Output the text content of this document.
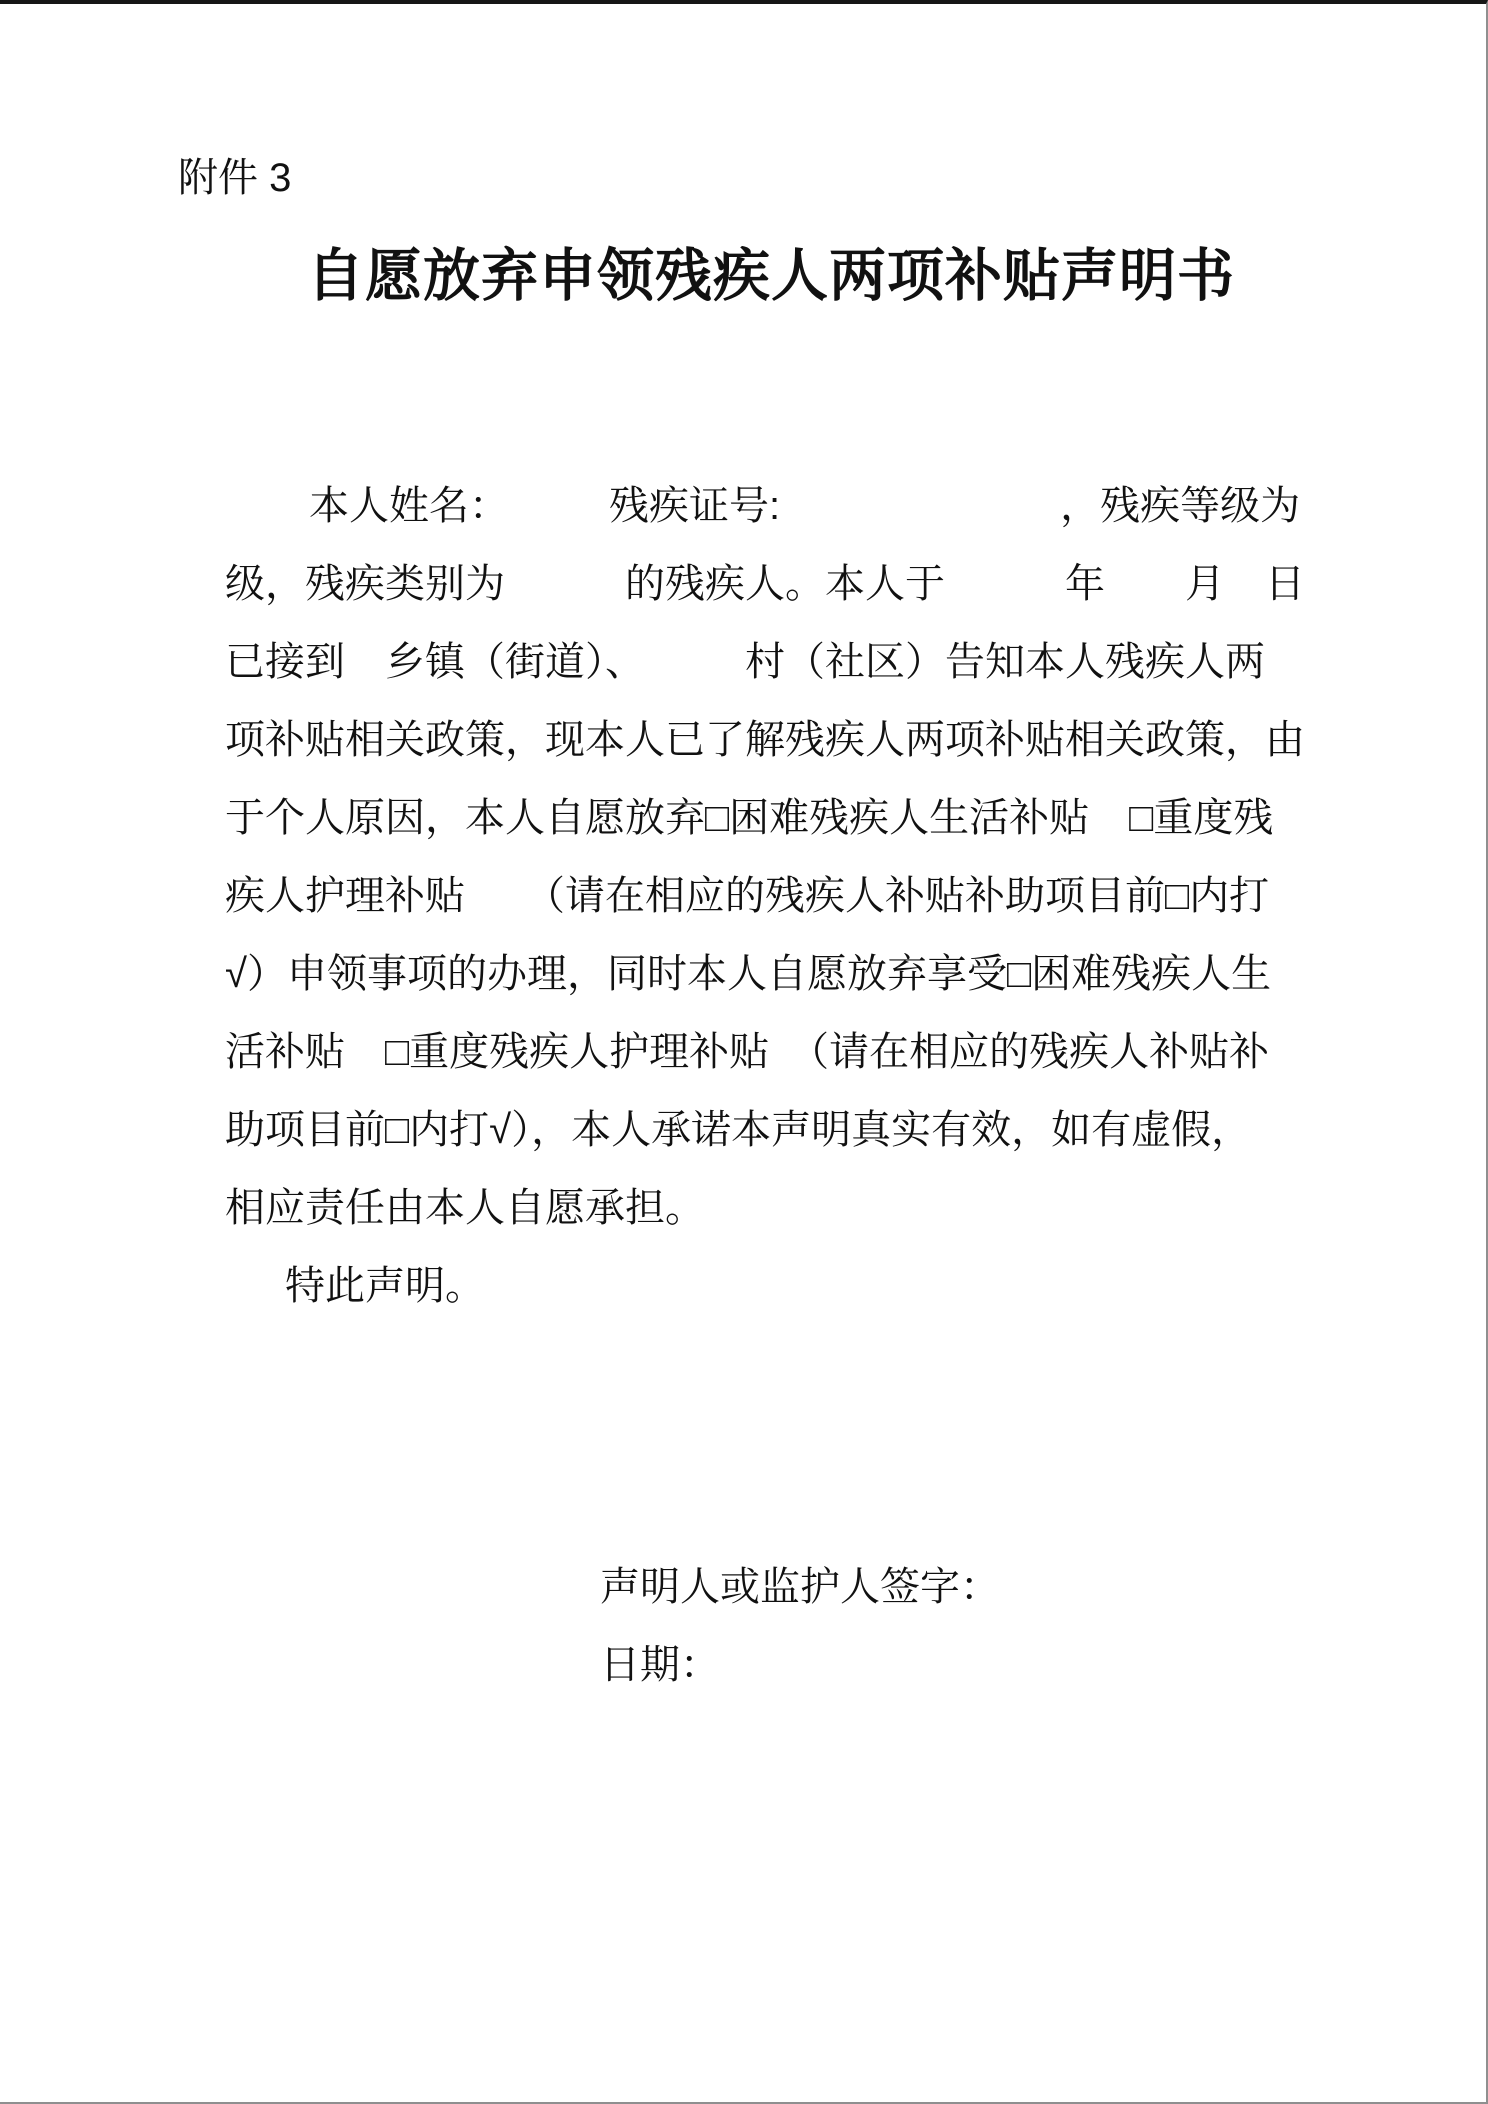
附件 3
自愿放弃申领残疾人两项补贴声明书
本人姓名：　　　残疾证号:　　　　　　　，残疾等级为
级，残疾类别为　　　的残疾人。本人于　　　年　　月　日
已接到　乡镇（街道）、　　　村（社区）告知本人残疾人两
项补贴相关政策，现本人已了解残疾人两项补贴相关政策，由
于个人原因，本人自愿放弃□困难残疾人生活补贴　□重度残
疾人护理补贴　　（请在相应的残疾人补贴补助项目前□内打
√）申领事项的办理，同时本人自愿放弃享受□困难残疾人生
活补贴　□重度残疾人护理补贴　（请在相应的残疾人补贴补
助项目前□内打√），本人承诺本声明真实有效，如有虚假，
相应责任由本人自愿承担。
特此声明。
声明人或监护人签字：
日期：
